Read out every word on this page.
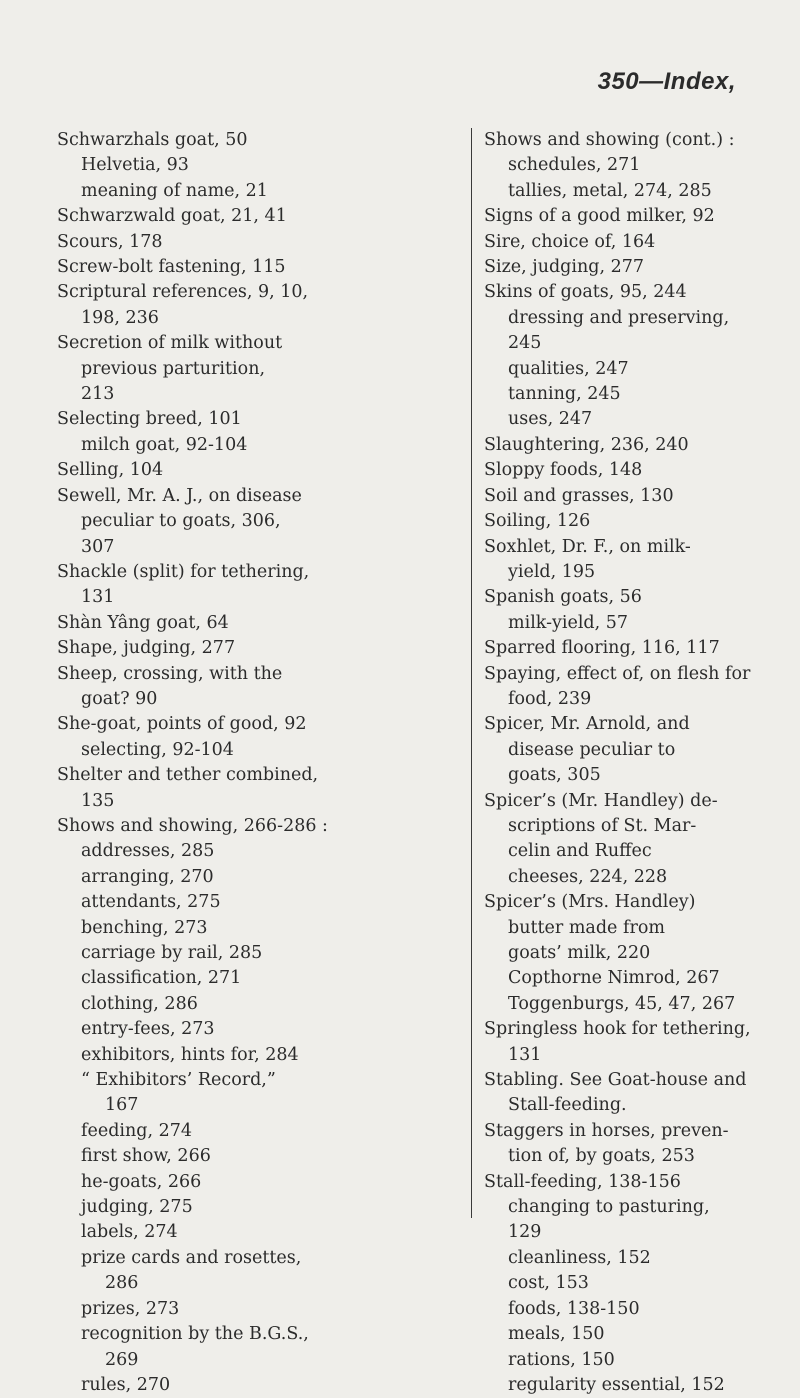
350—Index,
Schwarzhals goat, 50
Helvetia, 93
meaning of name, 21
Schwarzwald goat, 21, 41
Scours, 178
Screw-bolt fastening, 115
Scriptural references, 9, 10,
198, 236
Secretion of milk without
previous parturition,
213
Selecting breed, 101
milch goat, 92-104
Selling, 104
Sewell, Mr. A. J., on disease
peculiar to goats, 306,
307
Shackle (split) for tethering,
131
Shàn Yâng goat, 64
Shape, judging, 277
Sheep, crossing, with the
goat? 90
She-goat, points of good, 92
selecting, 92-104
Shelter and tether combined,
135
Shows and showing, 266-286 :
addresses, 285
arranging, 270
attendants, 275
benching, 273
carriage by rail, 285
classification, 271
clothing, 286
entry-fees, 273
exhibitors, hints for, 284
“ Exhibitors’ Record,”
167
feeding, 274
first show, 266
he-goats, 266
judging, 275
labels, 274
prize cards and rosettes,
286
prizes, 273
recognition by the B.G.S.,
269
rules, 270
Shows and showing (cont.) :
schedules, 271
tallies, metal, 274, 285
Signs of a good milker, 92
Sire, choice of, 164
Size, judging, 277
Skins of goats, 95, 244
dressing and preserving,
245
qualities, 247
tanning, 245
uses, 247
Slaughtering, 236, 240
Sloppy foods, 148
Soil and grasses, 130
Soiling, 126
Soxhlet, Dr. F., on milk-
yield, 195
Spanish goats, 56
milk-yield, 57
Sparred flooring, 116, 117
Spaying, effect of, on flesh for
food, 239
Spicer, Mr. Arnold, and
disease peculiar to
goats, 305
Spicer’s (Mr. Handley) de-
scriptions of St. Mar-
celin and Ruffec
cheeses, 224, 228
Spicer’s (Mrs. Handley)
butter made from
goats’ milk, 220
Copthorne Nimrod, 267
Toggenburgs, 45, 47, 267
Springless hook for tethering,
131
Stabling. See Goat-house and
Stall-feeding.
Staggers in horses, preven-
tion of, by goats, 253
Stall-feeding, 138-156
changing to pasturing,
129
cleanliness, 152
cost, 153
foods, 138-150
meals, 150
rations, 150
regularity essential, 152
